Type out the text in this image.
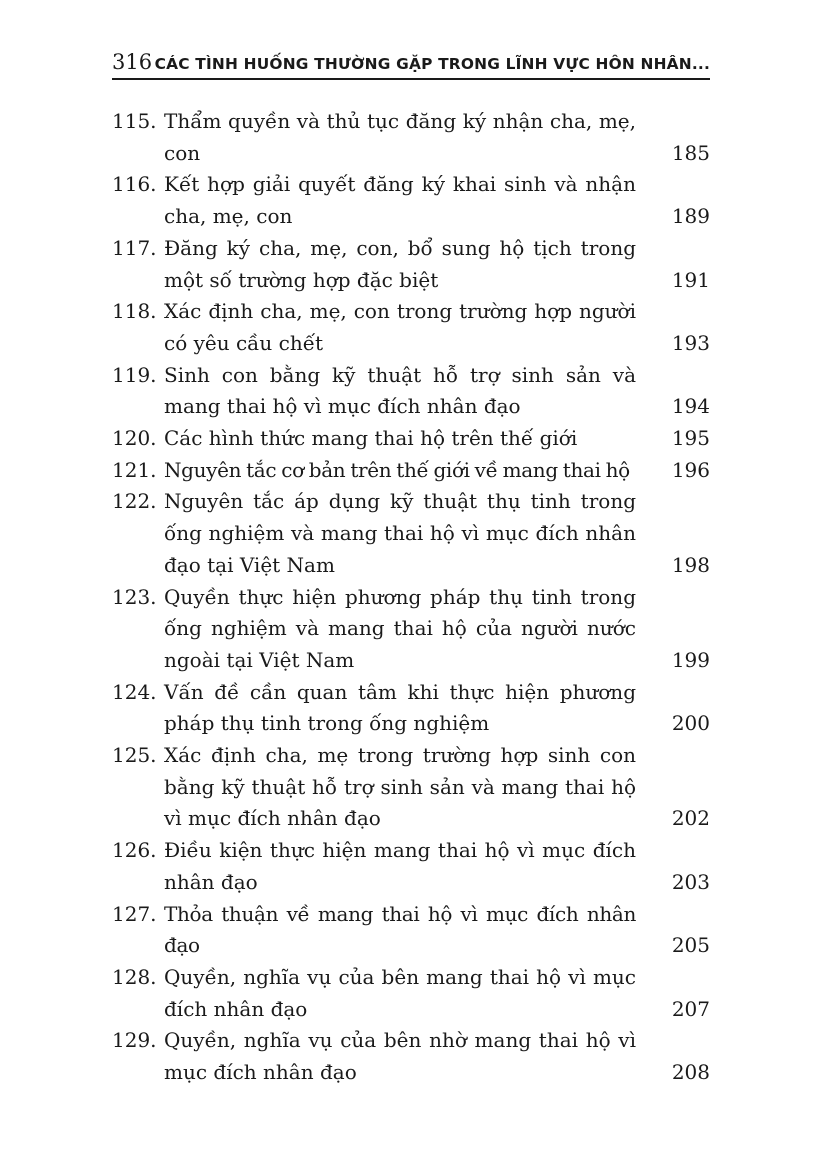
316 CÁC TÌNH HUỐNG THƯỜNG GẶP TRONG LĨNH VỰC HÔN NHÂN...
115. Thẩm quyền và thủ tục đăng ký nhận cha, mẹ, con	185
116. Kết hợp giải quyết đăng ký khai sinh và nhận cha, mẹ, con	189
117. Đăng ký cha, mẹ, con, bổ sung hộ tịch trong một số trường hợp đặc biệt	191
118. Xác định cha, mẹ, con trong trường hợp người có yêu cầu chết	193
119. Sinh con bằng kỹ thuật hỗ trợ sinh sản và mang thai hộ vì mục đích nhân đạo	194
120. Các hình thức mang thai hộ trên thế giới	195
121. Nguyên tắc cơ bản trên thế giới về mang thai hộ	196
122. Nguyên tắc áp dụng kỹ thuật thụ tinh trong ống nghiệm và mang thai hộ vì mục đích nhân đạo tại Việt Nam	198
123. Quyền thực hiện phương pháp thụ tinh trong ống nghiệm và mang thai hộ của người nước ngoài tại Việt Nam	199
124. Vấn đề cần quan tâm khi thực hiện phương pháp thụ tinh trong ống nghiệm	200
125. Xác định cha, mẹ trong trường hợp sinh con bằng kỹ thuật hỗ trợ sinh sản và mang thai hộ vì mục đích nhân đạo	202
126. Điều kiện thực hiện mang thai hộ vì mục đích nhân đạo	203
127. Thỏa thuận về mang thai hộ vì mục đích nhân đạo	205
128. Quyền, nghĩa vụ của bên mang thai hộ vì mục đích nhân đạo	207
129. Quyền, nghĩa vụ của bên nhờ mang thai hộ vì mục đích nhân đạo	208
